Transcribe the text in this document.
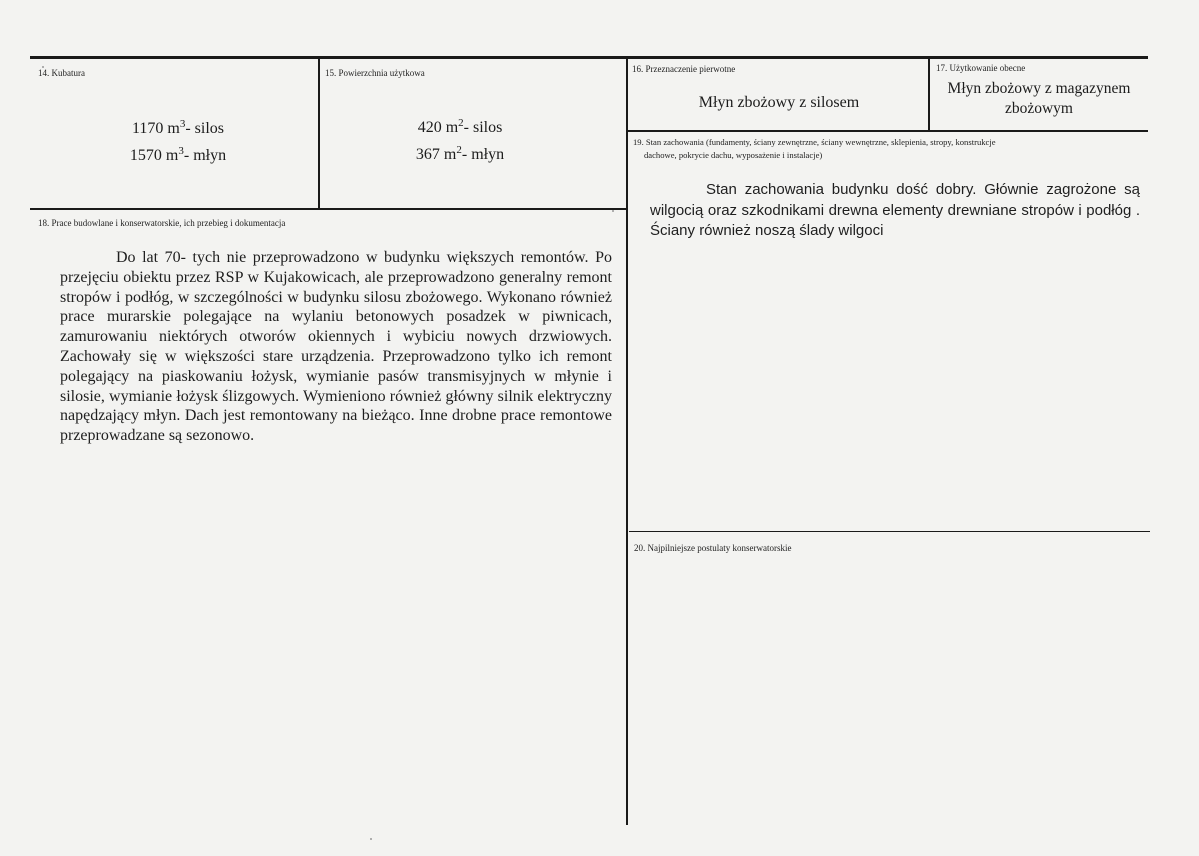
14. Kubatura
1170 $m^3-$ silos
1570 $m^3-$ młyn
15. Powierzchnia użytkowa
420 $m^2-$ silos
367 $m^2-$ młyn
16. Przeznaczenie pierwotne
Młyn zbożowy z silosem
17. Użytkowanie obecne
Młyn zbożowy z magazynem
zbożowym
19. Stan zachowania (fundamenty, ściany zewnętrzne, ściany wewnętrzne, sklepienia, stropy, konstrukcje
dachowe, pokrycie dachu, wyposażenie i instalacje)
Stan zachowania budynku dość dobry. Głównie zagrożone są wilgocią oraz szkodnikami drewna elementy drewniane stropów i podłóg . Ściany również noszą ślady wilgoci
18. Prace budowlane i konserwatorskie, ich przebieg i dokumentacja
Do lat 70- tych nie przeprowadzono w budynku większych remontów. Po przejęciu obiektu przez RSP w Kujakowicach, ale przeprowadzono generalny remont stropów i podłóg, w szczególności w budynku silosu zbożowego. Wykonano również prace murarskie polegające na wylaniu betonowych posadzek w piwnicach, zamurowaniu niektórych otworów okiennych i wybiciu nowych drzwiowych. Zachowały się w większości stare urządzenia. Przeprowadzono tylko ich remont polegający na piaskowaniu łożysk, wymianie pasów transmisyjnych w młynie i silosie, wymianie łożysk ślizgowych. Wymieniono również główny silnik elektryczny napędzający młyn. Dach jest remontowany na bieżąco. Inne drobne prace remontowe przeprowadzane są sezonowo.
20. Najpilniejsze postulaty konserwatorskie
